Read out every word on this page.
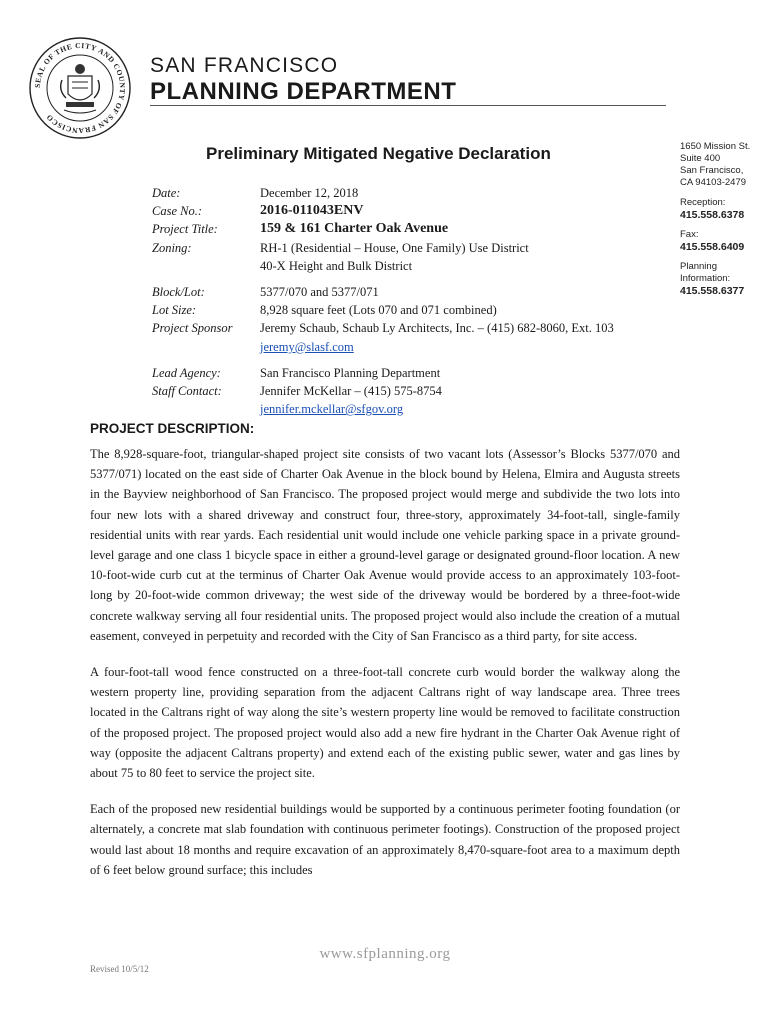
SEAL OF THE CITY AND COUNTY OF SAN FRANCISCO
SAN FRANCISCO
PLANNING DEPARTMENT
1650 Mission St.
Suite 400
San Francisco,
CA 94103-2479
Reception:
415.558.6378
Fax:
415.558.6409
Planning
Information:
415.558.6377
Preliminary Mitigated Negative Declaration
Date:	December 12, 2018
Case No.:	2016-011043ENV
Project Title:	159 & 161 Charter Oak Avenue
Zoning:	RH-1 (Residential – House, One Family) Use District
40-X Height and Bulk District
Block/Lot:	5377/070 and 5377/071
Lot Size:	8,928 square feet (Lots 070 and 071 combined)
Project Sponsor	Jeremy Schaub, Schaub Ly Architects, Inc. – (415) 682-8060, Ext. 103
jeremy@slasf.com
Lead Agency:	San Francisco Planning Department
Staff Contact:	Jennifer McKellar – (415) 575-8754
jennifer.mckellar@sfgov.org
PROJECT DESCRIPTION:

The 8,928-square-foot, triangular-shaped project site consists of two vacant lots (Assessor’s Blocks 5377/070 and 5377/071) located on the east side of Charter Oak Avenue in the block bound by Helena, Elmira and Augusta streets in the Bayview neighborhood of San Francisco. The proposed project would merge and subdivide the two lots into four new lots with a shared driveway and construct four, three-story, approximately 34-foot-tall, single-family residential units with rear yards. Each residential unit would include one vehicle parking space in a private ground-level garage and one class 1 bicycle space in either a ground-level garage or designated ground-floor location. A new 10-foot-wide curb cut at the terminus of Charter Oak Avenue would provide access to an approximately 103-foot-long by 20-foot-wide common driveway; the west side of the driveway would be bordered by a three-foot-wide concrete walkway serving all four residential units. The proposed project would also include the creation of a mutual easement, conveyed in perpetuity and recorded with the City of San Francisco as a third party, for site access.

A four-foot-tall wood fence constructed on a three-foot-tall concrete curb would border the walkway along the western property line, providing separation from the adjacent Caltrans right of way landscape area. Three trees located in the Caltrans right of way along the site’s western property line would be removed to facilitate construction of the proposed project. The proposed project would also add a new fire hydrant in the Charter Oak Avenue right of way (opposite the adjacent Caltrans property) and extend each of the existing public sewer, water and gas lines by about 75 to 80 feet to service the project site.

Each of the proposed new residential buildings would be supported by a continuous perimeter footing foundation (or alternately, a concrete mat slab foundation with continuous perimeter footings). Construction of the proposed project would last about 18 months and require excavation of an approximately 8,470-square-foot area to a maximum depth of 6 feet below ground surface; this includes

www.sfplanning.org
Revised 10/5/12
